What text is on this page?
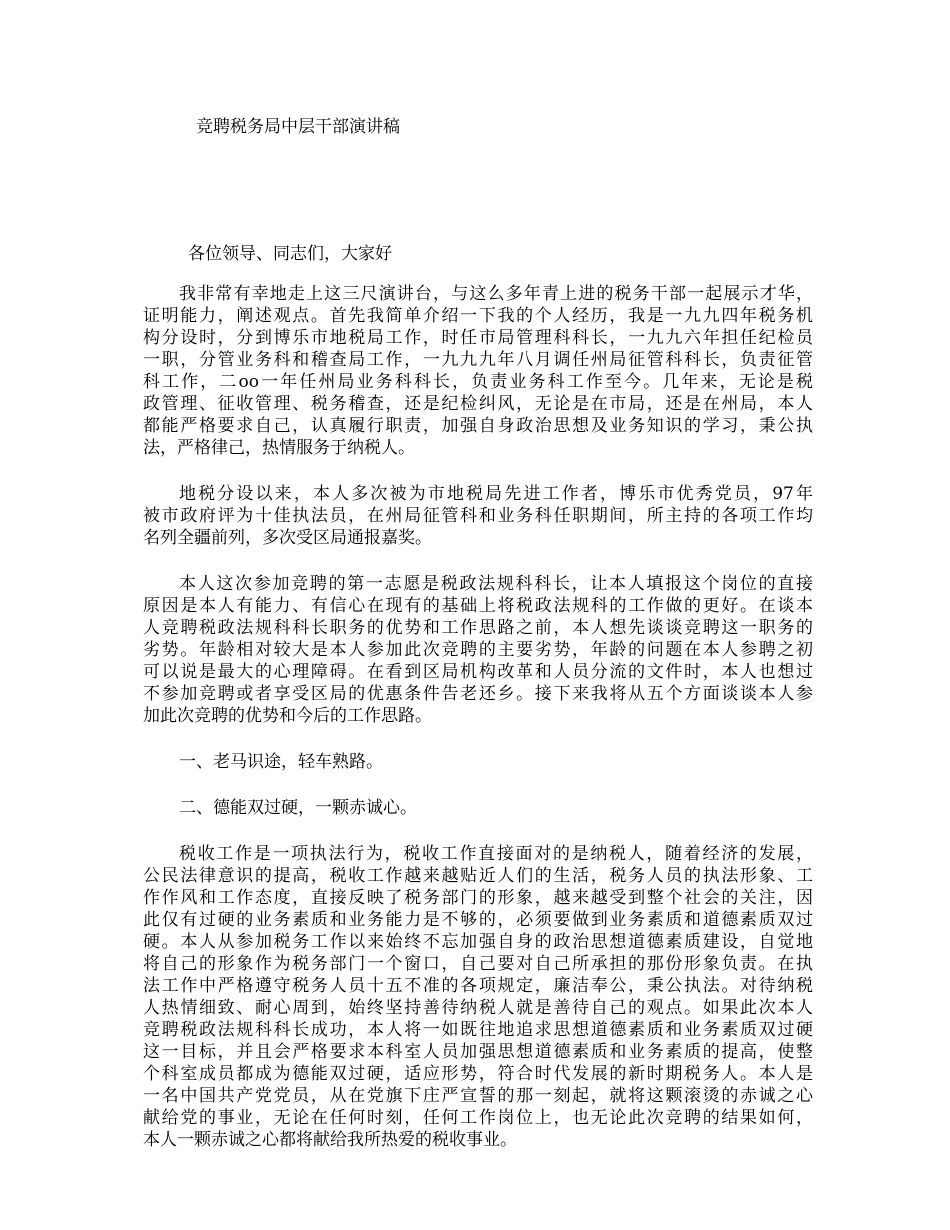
竞聘税务局中层干部演讲稿
各位领导、同志们，大家好
我非常有幸地走上这三尺演讲台，与这么多年青上进的税务干部一起展示才华，
证明能力，阐述观点。首先我简单介绍一下我的个人经历，我是一九九四年税务机
构分设时，分到博乐市地税局工作，时任市局管理科科长，一九九六年担任纪检员
一职，分管业务科和稽查局工作，一九九九年八月调任州局征管科科长，负责征管
科工作，二oo一年任州局业务科科长，负责业务科工作至今。几年来，无论是税
政管理、征收管理、税务稽查，还是纪检纠风，无论是在市局，还是在州局，本人
都能严格要求自己，认真履行职责，加强自身政治思想及业务知识的学习，秉公执
法，严格律己，热情服务于纳税人。
地税分设以来，本人多次被为市地税局先进工作者，博乐市优秀党员，97年
被市政府评为十佳执法员，在州局征管科和业务科任职期间，所主持的各项工作均
名列全疆前列，多次受区局通报嘉奖。
本人这次参加竞聘的第一志愿是税政法规科科长，让本人填报这个岗位的直接
原因是本人有能力、有信心在现有的基础上将税政法规科的工作做的更好。在谈本
人竞聘税政法规科科长职务的优势和工作思路之前，本人想先谈谈竞聘这一职务的
劣势。年龄相对较大是本人参加此次竞聘的主要劣势，年龄的问题在本人参聘之初
可以说是最大的心理障碍。在看到区局机构改革和人员分流的文件时，本人也想过
不参加竞聘或者享受区局的优惠条件告老还乡。接下来我将从五个方面谈谈本人参
加此次竞聘的优势和今后的工作思路。
一、老马识途，轻车熟路。
二、德能双过硬，一颗赤诚心。
税收工作是一项执法行为，税收工作直接面对的是纳税人，随着经济的发展，
公民法律意识的提高，税收工作越来越贴近人们的生活，税务人员的执法形象、工
作作风和工作态度，直接反映了税务部门的形象，越来越受到整个社会的关注，因
此仅有过硬的业务素质和业务能力是不够的，必须要做到业务素质和道德素质双过
硬。本人从参加税务工作以来始终不忘加强自身的政治思想道德素质建设，自觉地
将自己的形象作为税务部门一个窗口，自己要对自己所承担的那份形象负责。在执
法工作中严格遵守税务人员十五不准的各项规定，廉洁奉公，秉公执法。对待纳税
人热情细致、耐心周到，始终坚持善待纳税人就是善待自己的观点。如果此次本人
竞聘税政法规科科长成功，本人将一如既往地追求思想道德素质和业务素质双过硬
这一目标，并且会严格要求本科室人员加强思想道德素质和业务素质的提高，使整
个科室成员都成为德能双过硬，适应形势，符合时代发展的新时期税务人。本人是
一名中国共产党党员，从在党旗下庄严宣誓的那一刻起，就将这颗滚烫的赤诚之心
献给党的事业，无论在任何时刻，任何工作岗位上，也无论此次竞聘的结果如何，
本人一颗赤诚之心都将献给我所热爱的税收事业。
